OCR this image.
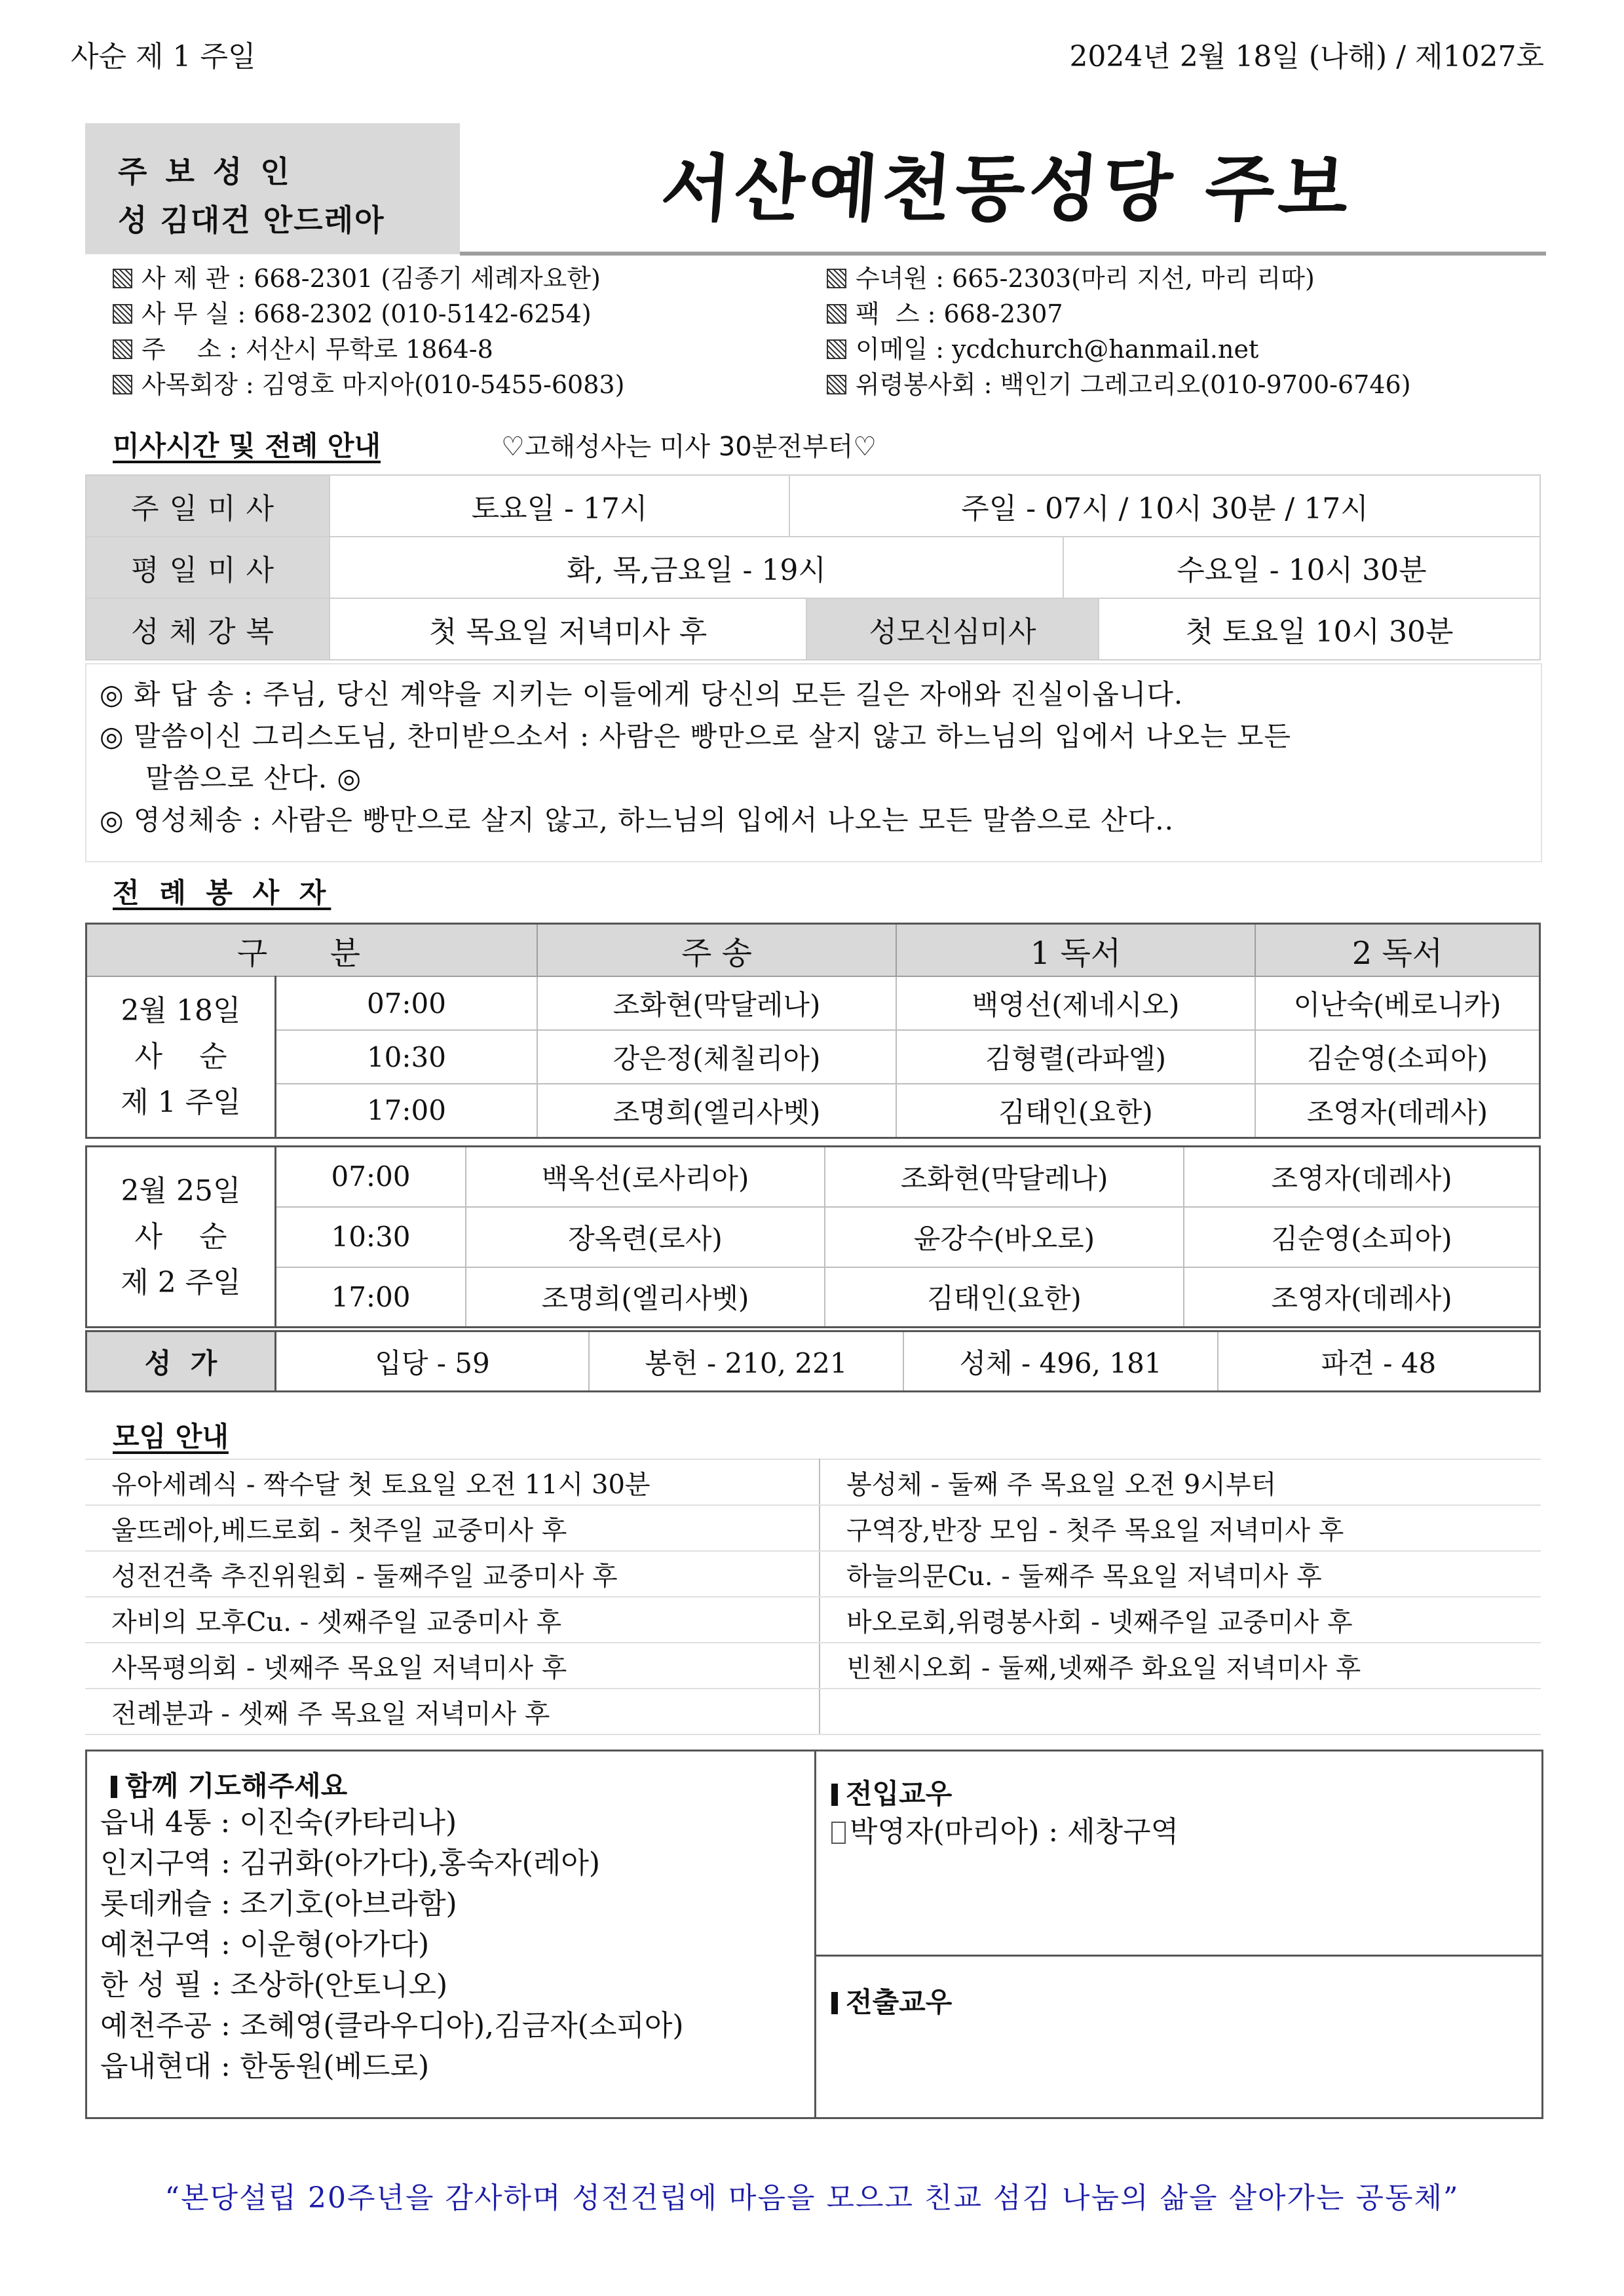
사순 제 1 주일	2024년 2월 18일 (나해) / 제1027호
주 보 성 인
성 김대건 안드레아	서산예천동성당 주보
사 제 관 : 668-2301 (김종기 세례자요한)
사 무 실 : 668-2302 (010-5142-6254)
주    소 : 서산시 무학로 1864-8
사목회장 : 김영호 마지아(010-5455-6083)
수녀원 : 665-2303(마리 지선, 마리 리따)
팩  스 : 668-2307
이메일 : ycdchurch@hanmail.net
위령봉사회 : 백인기 그레고리오(010-9700-6746)
미사시간 및 전례 안내	♡고해성사는 미사 30분전부터♡
주일미사	토요일 - 17시	주일 - 07시 / 10시 30분 / 17시	
평일미사	화, 목,금요일 - 19시		수요일 - 10시 30분
성체강복	첫 목요일 저녁미사 후	성모신심미사	첫 토요일 10시 30분

◎ 화 답 송 : 주님, 당신 계약을 지키는 이들에게 당신의 모든 길은 자애와 진실이옵니다.

◎ 말씀이신 그리스도님, 찬미받으소서 : 사람은 빵만으로 살지 않고 하느님의 입에서 나오는 모든

말씀으로 산다. ◎

◎ 영성체송 : 사람은 빵만으로 살지 않고, 하느님의 입에서 나오는 모든 말씀으로 산다..

전 례 봉 사 자
구 분		주 송	1 독서	2 독서

2월 18일
사    순
제 1 주일	07:00	조화현(막달레나)	백영선(제네시오)	이난숙(베로니카)
	10:30	강은정(체칠리아)	김형렬(라파엘)	김순영(소피아)
	17:00	조명희(엘리사벳)	김태인(요한)	조영자(데레사)
2월 25일
사    순
제 2 주일	07:00	백옥선(로사리아)	조화현(막달레나)	조영자(데레사)
	10:30	장옥련(로사)	윤강수(바오로)	김순영(소피아)
	17:00	조명희(엘리사벳)	김태인(요한)	조영자(데레사)
성  가	입당 - 59	봉헌 - 210, 221	성체 - 496, 181	파견 - 48
모임 안내
유아세례식 - 짝수달 첫 토요일 오전 11시 30분	봉성체 - 둘째 주 목요일 오전 9시부터
울뜨레아,베드로회 - 첫주일 교중미사 후	구역장,반장 모임 - 첫주 목요일 저녁미사 후
성전건축 추진위원회 - 둘째주일 교중미사 후	하늘의문Cu. - 둘째주 목요일 저녁미사 후
자비의 모후Cu. - 셋째주일 교중미사 후	바오로회,위령봉사회 - 넷째주일 교중미사 후
사목평의회 - 넷째주 목요일 저녁미사 후	빈첸시오회 - 둘째,넷째주 화요일 저녁미사 후
전례분과 - 셋째 주 목요일 저녁미사 후	
함께 기도해주세요
읍내 4통 : 이진숙(카타리나)
인지구역 : 김귀화(아가다),홍숙자(레아)
롯데캐슬 : 조기호(아브라함)
예천구역 : 이운형(아가다)
한 성 필 : 조상하(안토니오)
예천주공 : 조혜영(클라우디아),김금자(소피아)
읍내현대 : 한동원(베드로)
전입교우
박영자(마리아) : 세창구역
전출교우
“본당설립 20주년을 감사하며 성전건립에 마음을 모으고 친교 섬김 나눔의 삶을 살아가는 공동체”
